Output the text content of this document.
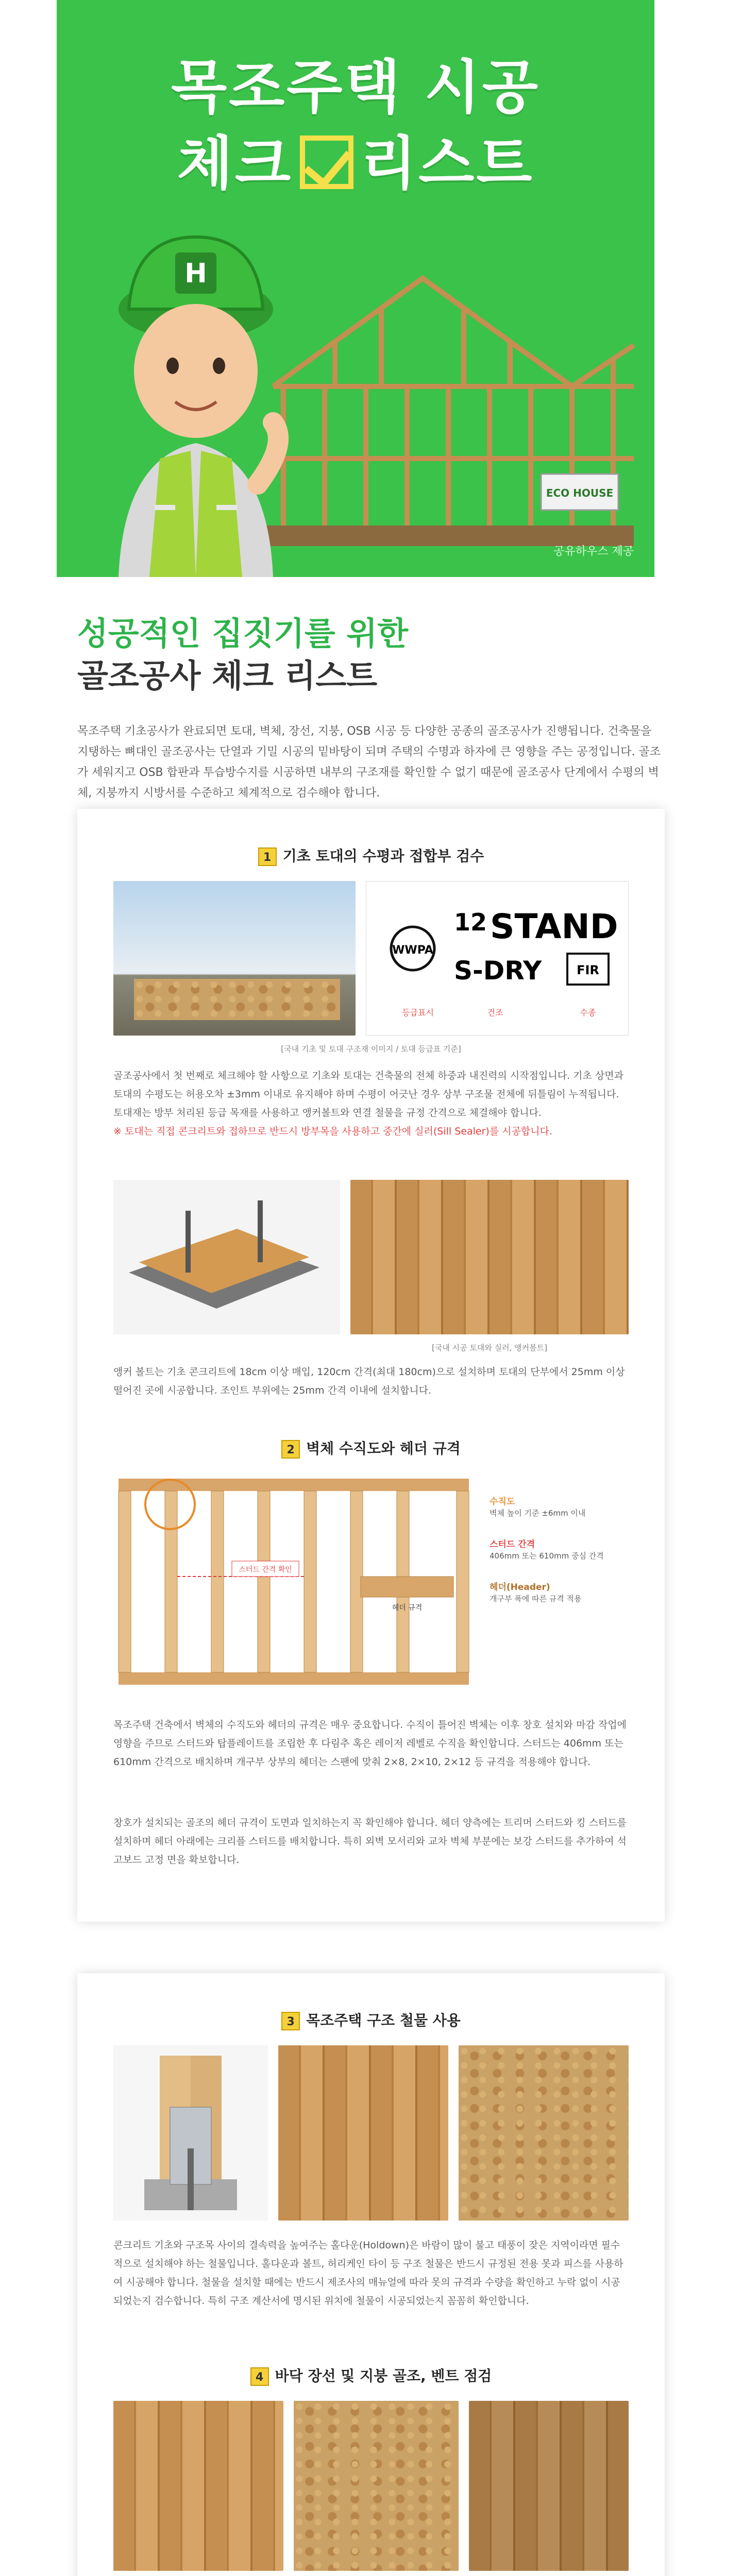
목조주택 시공
체크 리스트
ECO HOUSE
H
공유하우스 제공
성공적인 집짓기를 위한
골조공사 체크 리스트
목조주택 기초공사가 완료되면 토대, 벽체, 장선, 지붕, OSB 시공 등 다양한 공종의 골조공사가 진행됩니다. 건축물을 지탱하는 뼈대인 골조공사는 단열과 기밀 시공의 밑바탕이 되며 주택의 수명과 하자에 큰 영향을 주는 공정입니다. 골조가 세워지고 OSB 합판과 투습방수지를 시공하면 내부의 구조재를 확인할 수 없기 때문에 골조공사 단계에서 수평의 벽체, 지붕까지 시방서를 수준하고 체계적으로 검수해야 합니다.
1 기초 토대의 수평과 접합부 검수
WWPA
12 STAND
S-DRY	FIR
등급표시	건조	수종
[국내 기초 및 토대 구조재 이미지 / 토대 등급표 기준]
골조공사에서 첫 번째로 체크해야 할 사항으로 기초와 토대는 건축물의 전체 하중과 내진력의 시작점입니다. 기초 상면과 토대의 수평도는 허용오차 ±3mm 이내로 유지해야 하며 수평이 어긋난 경우 상부 구조물 전체에 뒤틀림이 누적됩니다. 토대재는 방부 처리된 등급 목재를 사용하고 앵커볼트와 연결 철물을 규정 간격으로 체결해야 합니다.
※ 토대는 직접 콘크리트와 접하므로 반드시 방부목을 사용하고 중간에 실러(Sill Sealer)를 시공합니다.
[국내 시공 토대와 실러, 앵커볼트]
앵커 볼트는 기초 콘크리트에 18cm 이상 매입, 120cm 간격(최대 180cm)으로 설치하며 토대의 단부에서 25mm 이상 떨어진 곳에 시공합니다. 조인트 부위에는 25mm 간격 이내에 설치합니다.
2 벽체 수직도와 헤더 규격
스터드 간격 확인
헤더 규격
수직도
벽체 높이 기준 ±6mm 이내
스터드 간격
406mm 또는 610mm 중심 간격
헤더(Header)
개구부 폭에 따른 규격 적용
목조주택 건축에서 벽체의 수직도와 헤더의 규격은 매우 중요합니다. 수직이 틀어진 벽체는 이후 창호 설치와 마감 작업에 영향을 주므로 스터드와 탑플레이트를 조립한 후 다림추 혹은 레이저 레벨로 수직을 확인합니다. 스터드는 406mm 또는 610mm 간격으로 배치하며 개구부 상부의 헤더는 스팬에 맞춰 2×8, 2×10, 2×12 등 규격을 적용해야 합니다.
창호가 설치되는 골조의 헤더 규격이 도면과 일치하는지 꼭 확인해야 합니다. 헤더 양측에는 트리머 스터드와 킹 스터드를 설치하며 헤더 아래에는 크리플 스터드를 배치합니다. 특히 외벽 모서리와 교차 벽체 부분에는 보강 스터드를 추가하여 석고보드 고정 면을 확보합니다.
3 목조주택 구조 철물 사용
콘크리트 기초와 구조목 사이의 결속력을 높여주는 홀다운(Holdown)은 바람이 많이 불고 태풍이 잦은 지역이라면 필수적으로 설치해야 하는 철물입니다. 홀다운과 볼트, 허리케인 타이 등 구조 철물은 반드시 규정된 전용 못과 피스를 사용하여 시공해야 합니다. 철물을 설치할 때에는 반드시 제조사의 매뉴얼에 따라 못의 규격과 수량을 확인하고 누락 없이 시공되었는지 검수합니다. 특히 구조 계산서에 명시된 위치에 철물이 시공되었는지 꼼꼼히 확인합니다.
4 바닥 장선 및 지붕 골조, 벤트 점검
